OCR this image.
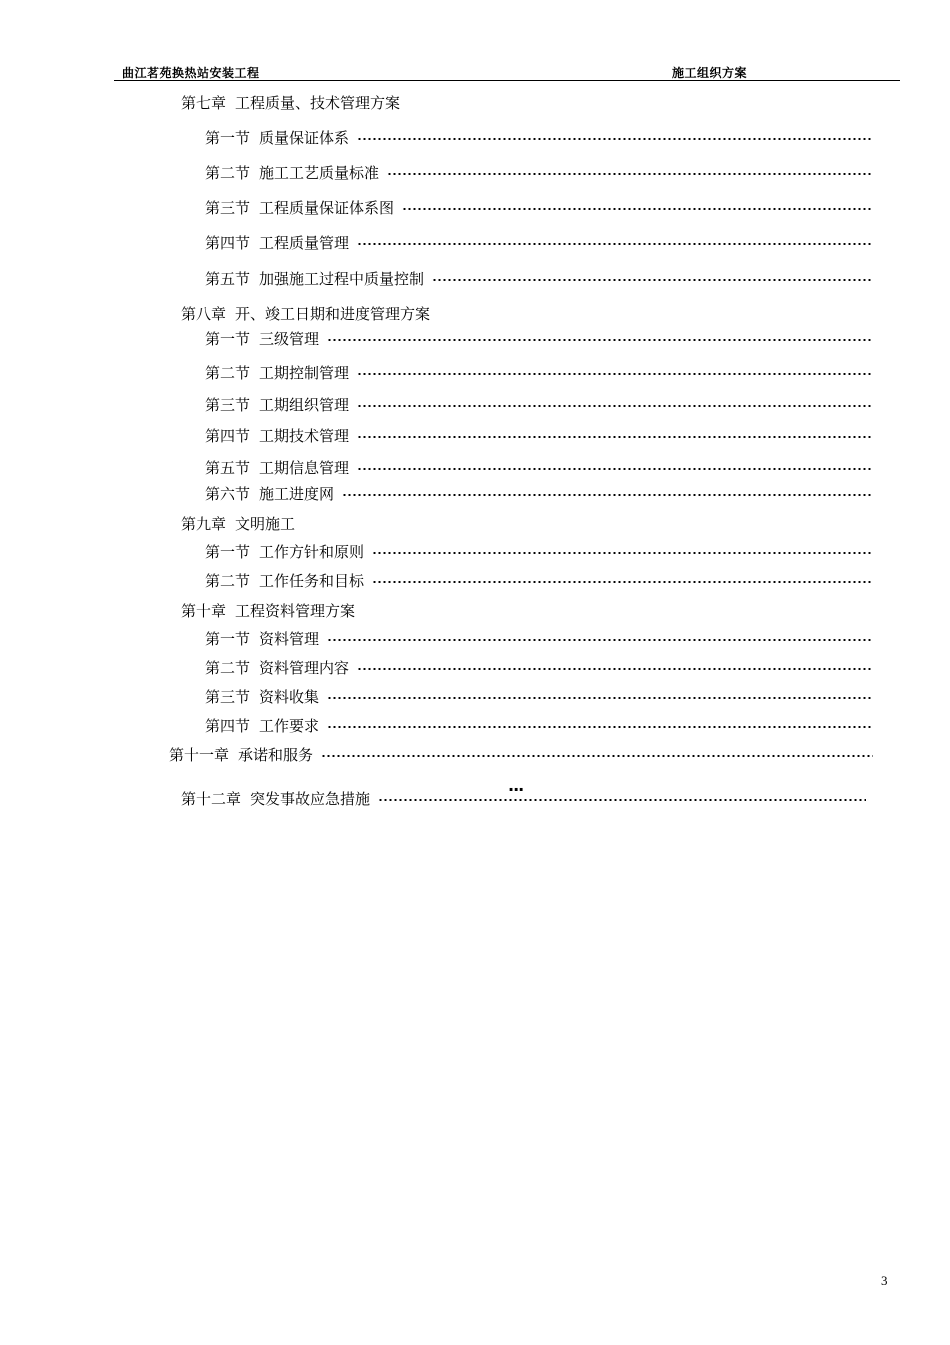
曲江茗苑换热站安装工程	施工组织方案
第七章 工程质量、技术管理方案
第一节 质量保证体系
第二节 施工工艺质量标准
第三节 工程质量保证体系图
第四节 工程质量管理
第五节 加强施工过程中质量控制
第八章 开、竣工日期和进度管理方案
第一节 三级管理
第二节 工期控制管理
第三节 工期组织管理
第四节 工期技术管理
第五节 工期信息管理
第六节 施工进度网
第九章 文明施工
第一节 工作方针和原则
第二节 工作任务和目标
第十章 工程资料管理方案
第一节 资料管理
第二节 资料管理内容
第三节 资料收集
第四节 工作要求
第十一章 承诺和服务
第十二章 突发事故应急措施	···
3
